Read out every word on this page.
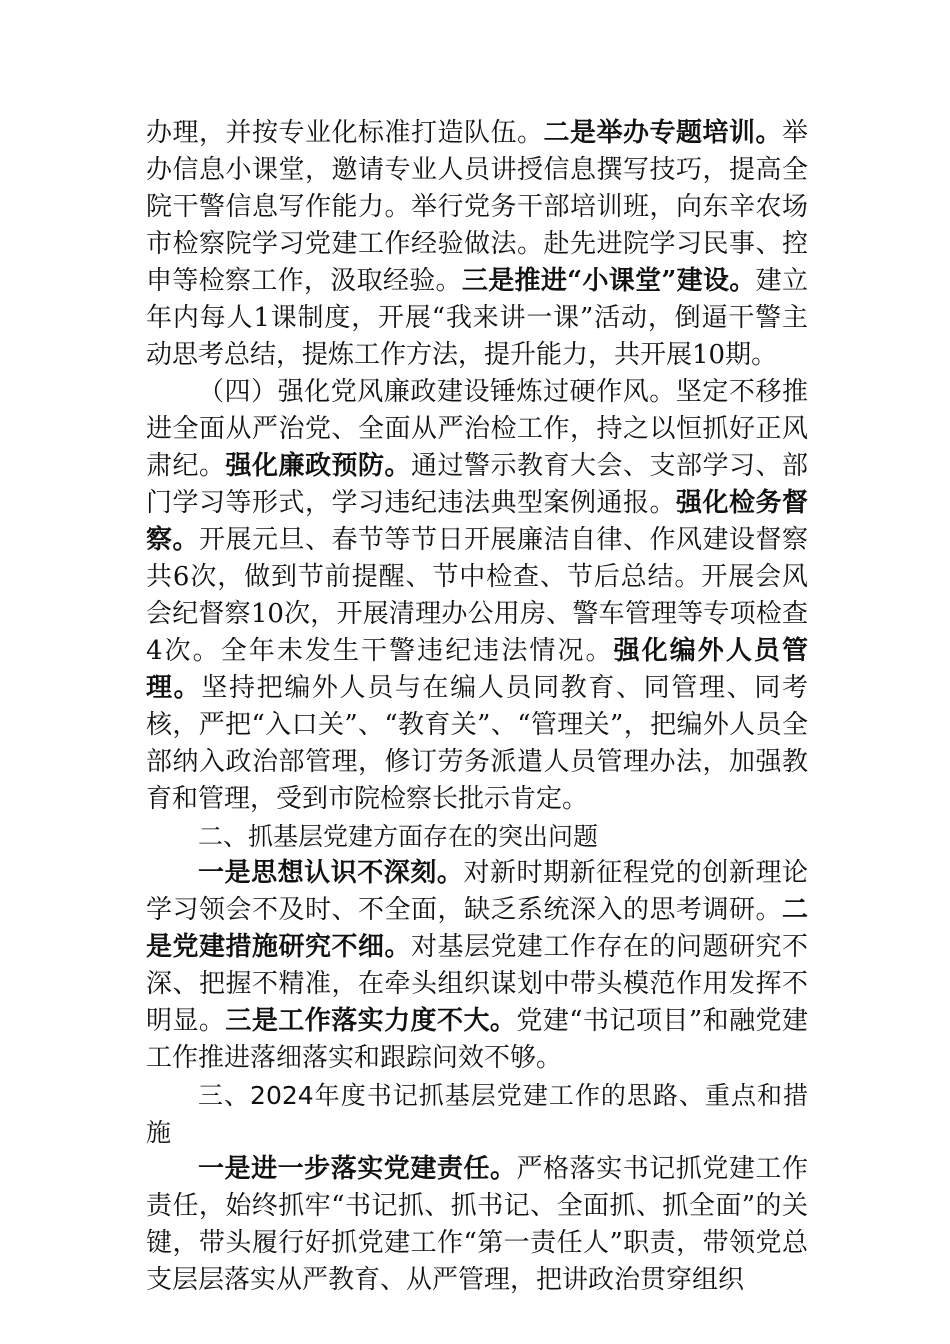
办理，并按专业化标准打造队伍。二是举办专题培训。举办信息小课堂，邀请专业人员讲授信息撰写技巧，提高全院干警信息写作能力。举行党务干部培训班，向东辛农场市检察院学习党建工作经验做法。赴先进院学习民事、控申等检察工作，汲取经验。三是推进“小课堂”建设。建立年内每人1课制度，开展“我来讲一课”活动，倒逼干警主动思考总结，提炼工作方法，提升能力，共开展10期。

（四）强化党风廉政建设锤炼过硬作风。坚定不移推进全面从严治党、全面从严治检工作，持之以恒抓好正风肃纪。强化廉政预防。通过警示教育大会、支部学习、部门学习等形式，学习违纪违法典型案例通报。强化检务督察。开展元旦、春节等节日开展廉洁自律、作风建设督察共6次，做到节前提醒、节中检查、节后总结。开展会风会纪督察10次，开展清理办公用房、警车管理等专项检查4次。全年未发生干警违纪违法情况。强化编外人员管理。坚持把编外人员与在编人员同教育、同管理、同考核，严把“入口关”、“教育关”、“管理关”，把编外人员全部纳入政治部管理，修订劳务派遣人员管理办法，加强教育和管理，受到市院检察长批示肯定。

二、抓基层党建方面存在的突出问题

一是思想认识不深刻。对新时期新征程党的创新理论学习领会不及时、不全面，缺乏系统深入的思考调研。二是党建措施研究不细。对基层党建工作存在的问题研究不深、把握不精准，在牵头组织谋划中带头模范作用发挥不明显。三是工作落实力度不大。党建“书记项目”和融党建工作推进落细落实和跟踪问效不够。

三、2024年度书记抓基层党建工作的思路、重点和措施

一是进一步落实党建责任。严格落实书记抓党建工作责任，始终抓牢“书记抓、抓书记、全面抓、抓全面”的关键，带头履行好抓党建工作“第一责任人”职责，带领党总支层层落实从严教育、从严管理，把讲政治贯穿组织
